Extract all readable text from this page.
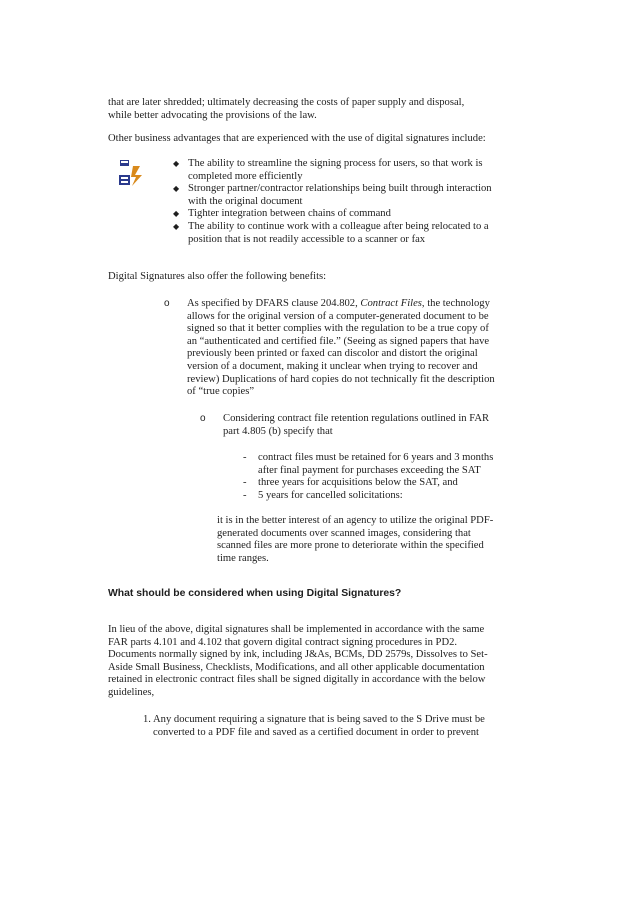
that are later shredded; ultimately decreasing the costs of paper supply and disposal,

while better advocating the provisions of the law.

Other business advantages that are experienced with the use of digital signatures include:

◆ The ability to streamline the signing process for users, so that work is

completed more efficiently

◆ Stronger partner/contractor relationships being built through interaction

with the original document

◆ Tighter integration between chains of command

◆ The ability to continue work with a colleague after being relocated to a

position that is not readily accessible to a scanner or fax

Digital Signatures also offer the following benefits:

o As specified by DFARS clause 204.802, Contract Files, the technology

allows for the original version of a computer-generated document to be

signed so that it better complies with the regulation to be a true copy of

an “authenticated and certified file.” (Seeing as signed papers that have

previously been printed or faxed can discolor and distort the original

version of a document, making it unclear when trying to recover and

review) Duplications of hard copies do not technically fit the description

of “true copies”

o Considering contract file retention regulations outlined in FAR

part 4.805 (b) specify that

- contract files must be retained for 6 years and 3 months

after final payment for purchases exceeding the SAT

- three years for acquisitions below the SAT, and

- 5 years for cancelled solicitations:

it is in the better interest of an agency to utilize the original PDF-

generated documents over scanned images, considering that

scanned files are more prone to deteriorate within the specified

time ranges.

What should be considered when using Digital Signatures?

In lieu of the above, digital signatures shall be implemented in accordance with the same

FAR parts 4.101 and 4.102 that govern digital contract signing procedures in PD2.

Documents normally signed by ink, including J&As, BCMs, DD 2579s, Dissolves to Set-

Aside Small Business, Checklists, Modifications, and all other applicable documentation

retained in electronic contract files shall be signed digitally in accordance with the below

guidelines,

1. Any document requiring a signature that is being saved to the S Drive must be

converted to a PDF file and saved as a certified document in order to prevent
